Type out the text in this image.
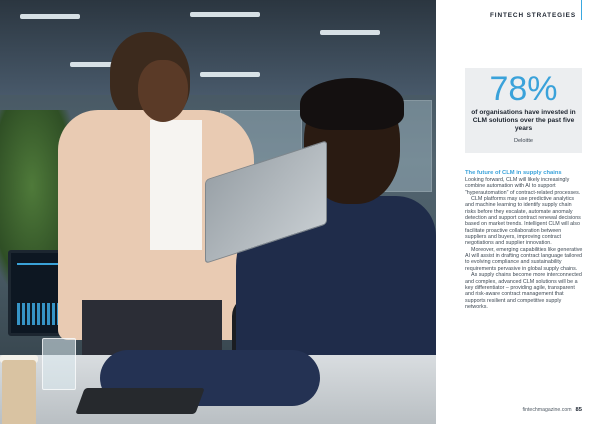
FINTECH STRATEGIES
78%
of organisations have invested in CLM solutions over the past five years
Deloitte
The future of CLM in supply chains

Looking forward, CLM will likely increasingly combine automation with AI to support “hyperautomation” of contract-related processes.

CLM platforms may use predictive analytics and machine learning to identify supply chain risks before they escalate, automate anomaly detection and support contract renewal decisions based on market trends. Intelligent CLM will also facilitate proactive collaboration between suppliers and buyers, improving contract negotiations and supplier innovation.

Moreover, emerging capabilities like generative AI will assist in drafting contract language tailored to evolving compliance and sustainability requirements pervasive in global supply chains.

As supply chains become more interconnected and complex, advanced CLM solutions will be a key differentiator – providing agile, transparent and risk-aware contract management that supports resilient and competitive supply networks.

fintechmagazine.com 85
